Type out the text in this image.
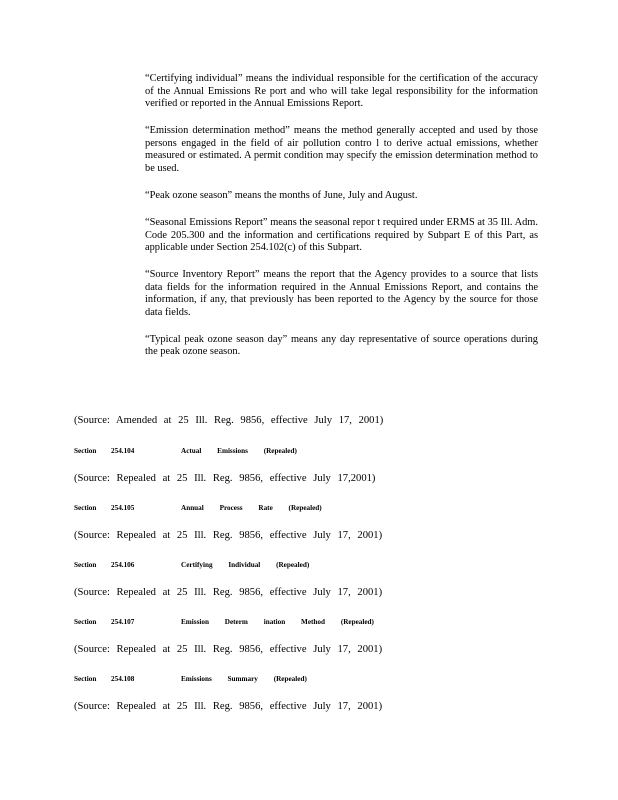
“Certifying individual” means the individual responsible for the certification of the accuracy of the Annual Emissions Re port and who will take legal responsibility for the information verified or reported in the Annual Emissions Report.

“Emission determination method” means the method generally accepted and used by those persons engaged in the field of air pollution contro l to derive actual emissions, whether measured or estimated. A permit condition may specify the emission determination method to be used.

“Peak ozone season” means the months of June, July and August.

“Seasonal Emissions Report” means the seasonal repor t required under ERMS at 35 Ill. Adm. Code 205.300 and the information and certifications required by Subpart E of this Part, as applicable under Section 254.102(c) of this Subpart.

“Source Inventory Report” means the report that the Agency provides to a source that lists data fields for the information required in the Annual Emissions Report, and contains the information, if any, that previously has been reported to the Agency by the source for those data fields.

“Typical peak ozone season day” means any day representative of source operations during the peak ozone season.

(Source: Amended at 25 Ill. Reg. 9856, effective July 17, 2001)

Section	254.104	Actual Emissions (Repealed)

(Source: Repealed at 25 Ill. Reg. 9856, effective July 17,2001)

Section	254.105	Annual Process Rate (Repealed)

(Source: Repealed at 25 Ill. Reg. 9856, effective July 17, 2001)

Section	254.106	Certifying Individual (Repealed)

(Source: Repealed at 25 Ill. Reg. 9856, effective July 17, 2001)

Section	254.107	Emission Determ ination Method (Repealed)

(Source: Repealed at 25 Ill. Reg. 9856, effective July 17, 2001)

Section	254.108	Emissions Summary (Repealed)

(Source: Repealed at 25 Ill. Reg. 9856, effective July 17, 2001)
